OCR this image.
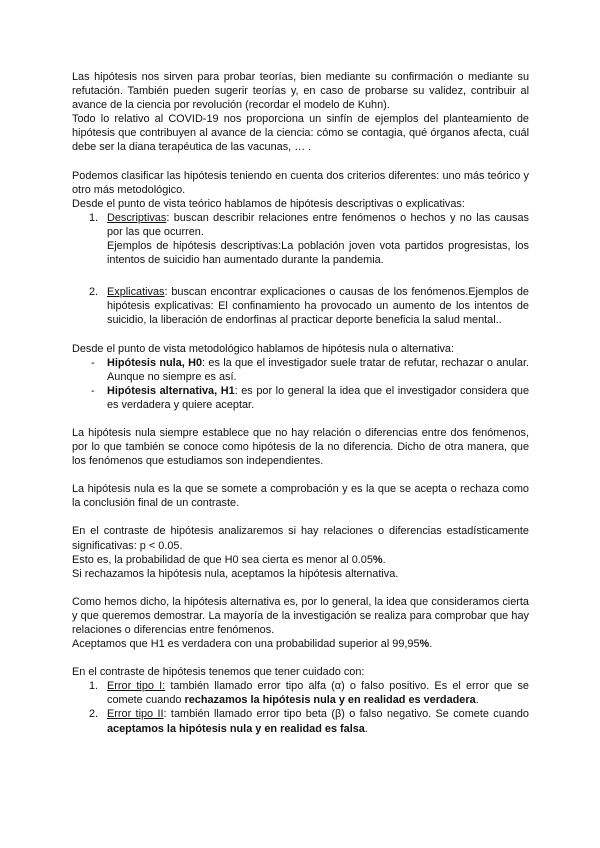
Las hipótesis nos sirven para probar teorías, bien mediante su confirmación o mediante su refutación. También pueden sugerir teorías y, en caso de probarse su validez, contribuir al avance de la ciencia por revolución (recordar el modelo de Kuhn).

Todo lo relativo al COVID-19 nos proporciona un sinfín de ejemplos del planteamiento de hipótesis que contribuyen al avance de la ciencia: cómo se contagia, qué órganos afecta, cuál debe ser la diana terapéutica de las vacunas, … .

Podemos clasificar las hipótesis teniendo en cuenta dos criterios diferentes: uno más teórico y otro más metodológico.

Desde el punto de vista teórico hablamos de hipótesis descriptivas o explicativas:

1. Descriptivas: buscan describir relaciones entre fenómenos o hechos y no las causas por las que ocurren.

Ejemplos de hipótesis descriptivas:La población joven vota partidos progresistas, los intentos de suicidio han aumentado durante la pandemia.

2. Explicativas: buscan encontrar explicaciones o causas de los fenómenos.Ejemplos de hipótesis explicativas: El confinamiento ha provocado un aumento de los intentos de suicidio, la liberación de endorfinas al practicar deporte beneficia la salud mental..

Desde el punto de vista metodológico hablamos de hipótesis nula o alternativa:

- Hipótesis nula, H0: es la que el investigador suele tratar de refutar, rechazar o anular. Aunque no siempre es así.
- Hipótesis alternativa, H1: es por lo general la idea que el investigador considera que es verdadera y quiere aceptar.

La hipótesis nula siempre establece que no hay relación o diferencias entre dos fenómenos, por lo que también se conoce como hipótesis de la no diferencia. Dicho de otra manera, que los fenómenos que estudiamos son independientes.

La hipótesis nula es la que se somete a comprobación y es la que se acepta o rechaza como la conclusión final de un contraste.

En el contraste de hipótesis analizaremos si hay relaciones o diferencias estadísticamente significativas: p < 0.05.

Esto es, la probabilidad de que H0 sea cierta es menor al 0.05%.

Si rechazamos la hipótesis nula, aceptamos la hipótesis alternativa.

Como hemos dicho, la hipótesis alternativa es, por lo general, la idea que consideramos cierta y que queremos demostrar. La mayoría de la investigación se realiza para comprobar que hay relaciones o diferencias entre fenómenos.

Aceptamos que H1 es verdadera con una probabilidad superior al 99,95%.

En el contraste de hipótesis tenemos que tener cuidado con:

1. Error tipo I: también llamado error tipo alfa (α) o falso positivo. Es el error que se comete cuando rechazamos la hipótesis nula y en realidad es verdadera.
2. Error tipo II: también llamado error tipo beta (β) o falso negativo. Se comete cuando aceptamos la hipótesis nula y en realidad es falsa.
